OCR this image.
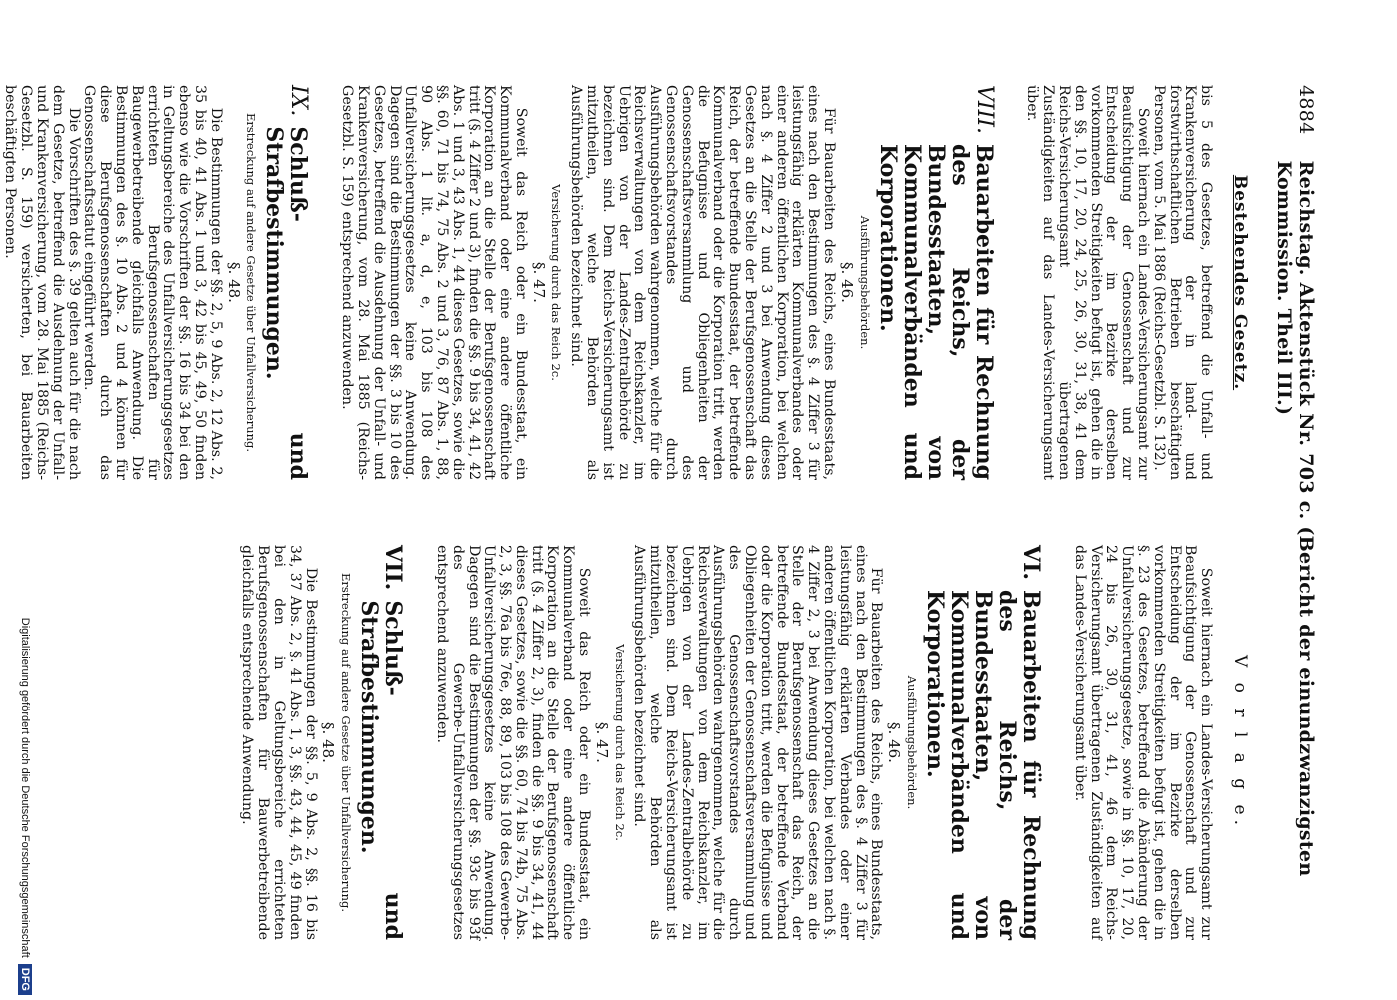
4884
Reichstag. Aktenstück Nr. 703 c. (Bericht der einundzwanzigsten Kommission. Theil III.)
Bestehendes Gesetz.

bis 5 des Gesetzes, betreffend die Unfall- und Krankenversicherung der in land- und forstwirthschaftlichen Betrieben beschäftigten Personen, vom 5. Mai 1886 (Reichs-Gesetzbl. S. 132).

Soweit hiernach ein Landes-Versicherungsamt zur Beaufsichtigung der Genossenschaft und zur Entscheidung der im Bezirke derselben vorkommenden Streitigkeiten befugt ist, gehen die in den §§. 10, 17, 20, 24, 25, 26, 30, 31, 38, 41 dem Reichs-Versicherungsamt übertragenen Zuständigkeiten auf das Landes-Versicherungsamt über.

VIII.
Bauarbeiten für Rechnung des Reichs, der Bundesstaaten, von Kommunalverbänden und Korporationen.
Ausführungsbehörden.
§. 46.

Für Bauarbeiten des Reichs, eines Bundesstaats, eines nach den Bestimmungen des §. 4 Ziffer 3 für leistungsfähig erklärten Kommunalverbandes oder einer anderen öffentlichen Korporation, bei welchen nach §. 4 Ziffer 2 und 3 bei Anwendung dieses Gesetzes an die Stelle der Berufsgenossenschaft das Reich, der betreffende Bundesstaat, der betreffende Kommunalverband oder die Korporation tritt, werden die Befugnisse und Obliegenheiten der Genossenschaftsversammlung und des Genossenschaftsvorstandes durch Ausführungsbehörden wahrgenommen, welche für die Reichsverwaltungen von dem Reichskanzler, im Uebrigen von der Landes-Zentralbehörde zu bezeichnen sind. Dem Reichs-Versicherungsamt ist mitzutheilen, welche Behörden als Ausführungsbehörden bezeichnet sind.

Versicherung durch das Reich 2c.
§. 47.

Soweit das Reich oder ein Bundesstaat, ein Kommunalverband oder eine andere öffentliche Korporation an die Stelle der Berufsgenossenschaft tritt (§. 4 Ziffer 2 und 3), finden die §§. 9 bis 34, 41, 42 Abs. 1 und 3, 43 Abs. 1, 44 dieses Gesetzes, sowie die §§. 60, 71 bis 74, 75 Abs. 2 und 3, 76, 87 Abs. 1, 88, 90 Abs. 1 lit. a, d, e, 103 bis 108 des Unfallversicherungsgesetzes keine Anwendung. Dagegen sind die Bestimmungen der §§. 3 bis 10 des Gesetzes, betreffend die Ausdehnung der Unfall- und Krankenversicherung, vom 28. Mai 1885 (Reichs-Gesetzbl. S. 159) entsprechend anzuwenden.

IX.
Schluß- und Strafbestimmungen.
Erstreckung auf andere Gesetze über Unfallversicherung.
§. 48.

Die Bestimmungen der §§. 2, 5, 9 Abs. 2, 12 Abs. 2, 35 bis 40, 41 Abs. 1 und 3, 42 bis 45, 49, 50 finden ebenso wie die Vorschriften der §§. 16 bis 34 bei den in Geltungsbereiche des Unfallversicherungsgesetzes errichteten Berufsgenossenschaften für Baugewerbetreibende gleichfalls Anwendung. Die Bestimmungen des §. 10 Abs. 2 und 4 können für diese Berufsgenossenschaften durch das Genossenschaftsstatut eingeführt werden.

Die Vorschriften des §. 39 gelten auch für die nach dem Gesetze, betreffend die Ausdehnung der Unfall- und Krankenversicherung, vom 28. Mai 1885 (Reichs-Gesetzbl. S. 159) versicherten, bei Bauarbeiten beschäftigten Personen.

V o r l a g e.

Soweit hiernach ein Landes-Versicherungsamt zur Beaufsichtigung der Genossenschaft und zur Entscheidung der im Bezirke derselben vorkommenden Streitigkeiten befugt ist, gehen die in §. 23 des Gesetzes, betreffend die Abänderung der Unfallversicherungsgesetze, sowie in §§. 10, 17, 20, 24 bis 26, 30, 31, 41, 46 dem Reichs-Versicherungsamt übertragenen Zuständigkeiten auf das Landes-Versicherungsamt über.

VI.
Bauarbeiten für Rechnung des Reichs, der Bundesstaaten, von Kommunalverbänden und Korporationen.
Ausführungsbehörden.
§. 46.

Für Bauarbeiten des Reichs, eines Bundesstaats, eines nach den Bestimmungen des §. 4 Ziffer 3 für leistungsfähig erklärten Verbandes oder einer anderen öffentlichen Korporation, bei welchen nach §. 4 Ziffer 2, 3 bei Anwendung dieses Gesetzes an die Stelle der Berufsgenossenschaft das Reich, der betreffende Bundesstaat, der betreffende Verband oder die Korporation tritt, werden die Befugnisse und Obliegenheiten der Genossenschaftsversammlung und des Genossenschaftsvorstandes durch Ausführungsbehörden wahrgenommen, welche für die Reichsverwaltungen von dem Reichskanzler, im Uebrigen von der Landes-Zentralbehörde zu bezeichnen sind. Dem Reichs-Versicherungsamt ist mitzutheilen, welche Behörden als Ausführungsbehörden bezeichnet sind.

Versicherung durch das Reich 2c.
§. 47.

Soweit das Reich oder ein Bundesstaat, ein Kommunalverband oder eine andere öffentliche Korporation an die Stelle der Berufsgenossenschaft tritt (§. 4 Ziffer 2, 3), finden die §§. 9 bis 34, 41, 44 dieses Gesetzes, sowie die §§. 60, 74 bis 74b, 75 Abs. 2, 3, §§. 76a bis 76e, 88, 89, 103 bis 108 des Gewerbe-Unfallversicherungsgesetzes keine Anwendung. Dagegen sind die Bestimmungen der §§. 93c bis 93f des Gewerbe-Unfallversicherungsgesetzes entsprechend anzuwenden.

VII.
Schluß- und Strafbestimmungen.
Erstreckung auf andere Gesetze über Unfallversicherung.
§. 48.

Die Bestimmungen der §§. 5, 9 Abs. 2, §§. 16 bis 34, 37 Abs. 2, §. 41 Abs. 1, 3, §§. 43, 44, 45, 49 finden bei den in Geltungsbereiche errichteten Berufsgenossenschaften für Bauwerbetreibende gleichfalls entsprechende Anwendung.

Digitalisierung gefördert durch die Deutsche Forschungsgemeinschaft
DFG
